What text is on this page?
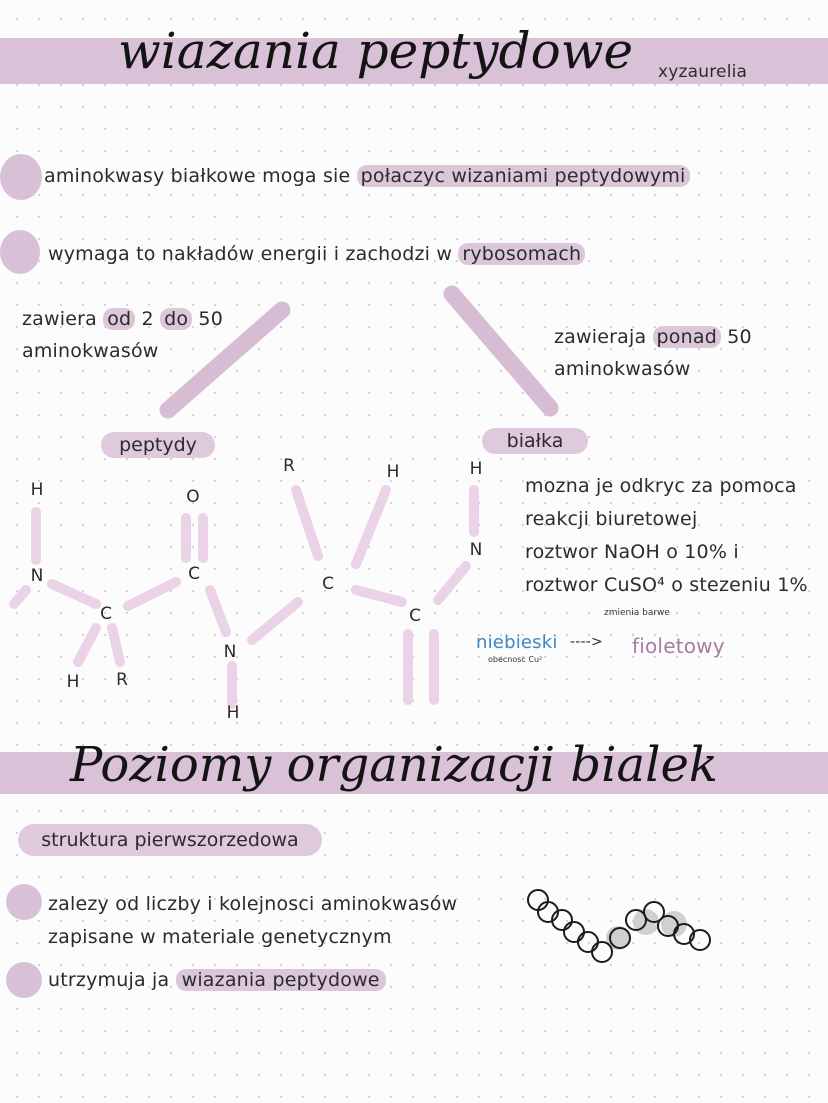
wiazania peptydowe xyzaurelia
aminokwasy białkowe moga sie połaczyc wizaniami peptydowymi
wymaga to nakładów energii i zachodzi w rybosomach
zawiera od 2 do 50
aminokwasów
zawieraja ponad 50
aminokwasów
peptydy	białka
H
N
C
H R
O
C
N
H
R
C
H	H
N
C
mozna je odkryc za pomoca
reakcji biuretowej
roztwor NaOH o 10% i
roztwor CuSO⁴ o stezeniu 1%
zmienia barwe
niebieski
obecnosc Cu²
----> fioletowy
Poziomy organizacji bialek
struktura pierwszorzedowa
zalezy od liczby i kolejnosci aminokwasów
zapisane w materiale genetycznym
utrzymuja ja wiazania peptydowe
